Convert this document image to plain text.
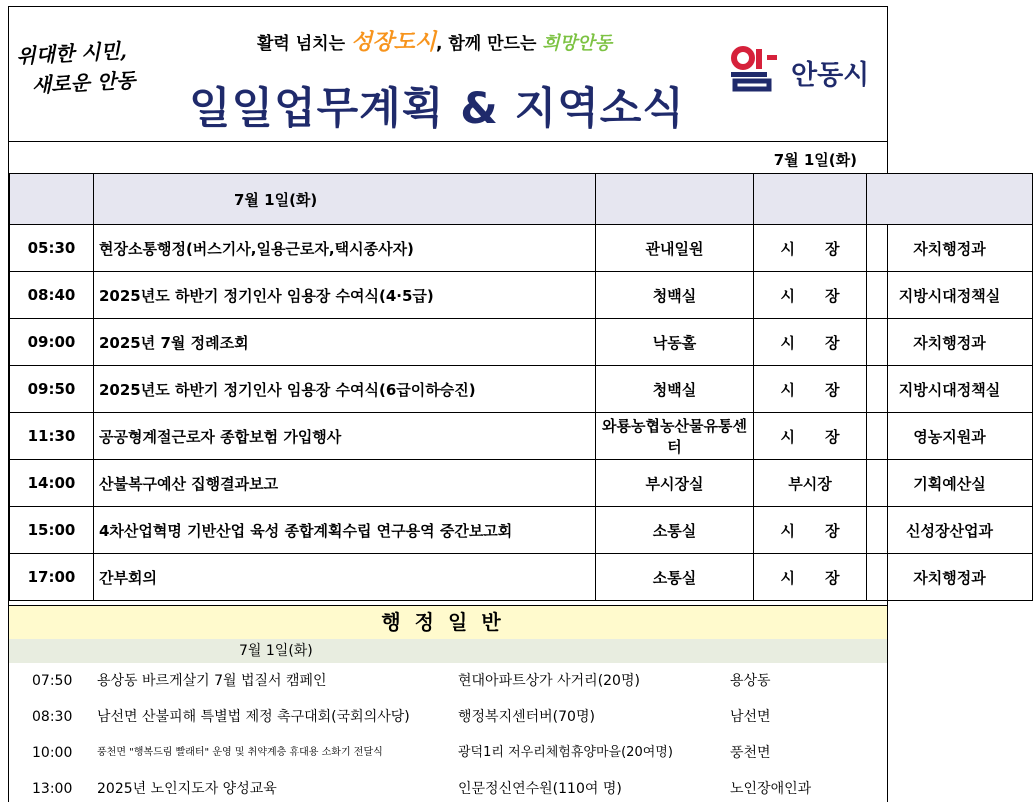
위대한 시민,
새로운 안동
활력 넘치는 성장도시, 함께 만드는 희망안동
일일업무계획 & 지역소식
안동시
7월 1일(화)
	7월 1일(화)			
05:30	현장소통행정(버스기사,일용근로자,택시종사자)	관내일원	시　　장	자치행정과
08:40	2025년도 하반기 정기인사 임용장 수여식(4·5급)	청백실	시　　장	지방시대정책실
09:00	2025년 7월 정례조회	낙동홀	시　　장	자치행정과
09:50	2025년도 하반기 정기인사 임용장 수여식(6급이하승진)	청백실	시　　장	지방시대정책실
11:30	공공형계절근로자 종합보험 가입행사	와룡농협농산물유통센터	시　　장	영농지원과
14:00	산불복구예산 집행결과보고	부시장실	부시장	기획예산실
15:00	4차산업혁명 기반산업 육성 종합계획수립 연구용역 중간보고회	소통실	시　　장	신성장산업과
17:00	간부회의	소통실	시　　장	자치행정과
행정일반
7월 1일(화)
07:50 용상동 바르게살기 7월 법질서 캠페인	현대아파트상가 사거리(20명)	용상동
08:30 남선면 산불피해 특별법 제정 촉구대회(국회의사당)	행정복지센터버(70명)	남선면
10:00 풍천면 "행복드림 빨래터" 운영 및 취약계층 휴대용 소화기 전달식	광덕1리 저우리체험휴양마을(20여명)	풍천면
13:00 2025년 노인지도자 양성교육	인문정신연수원(110여 명)	노인장애인과
